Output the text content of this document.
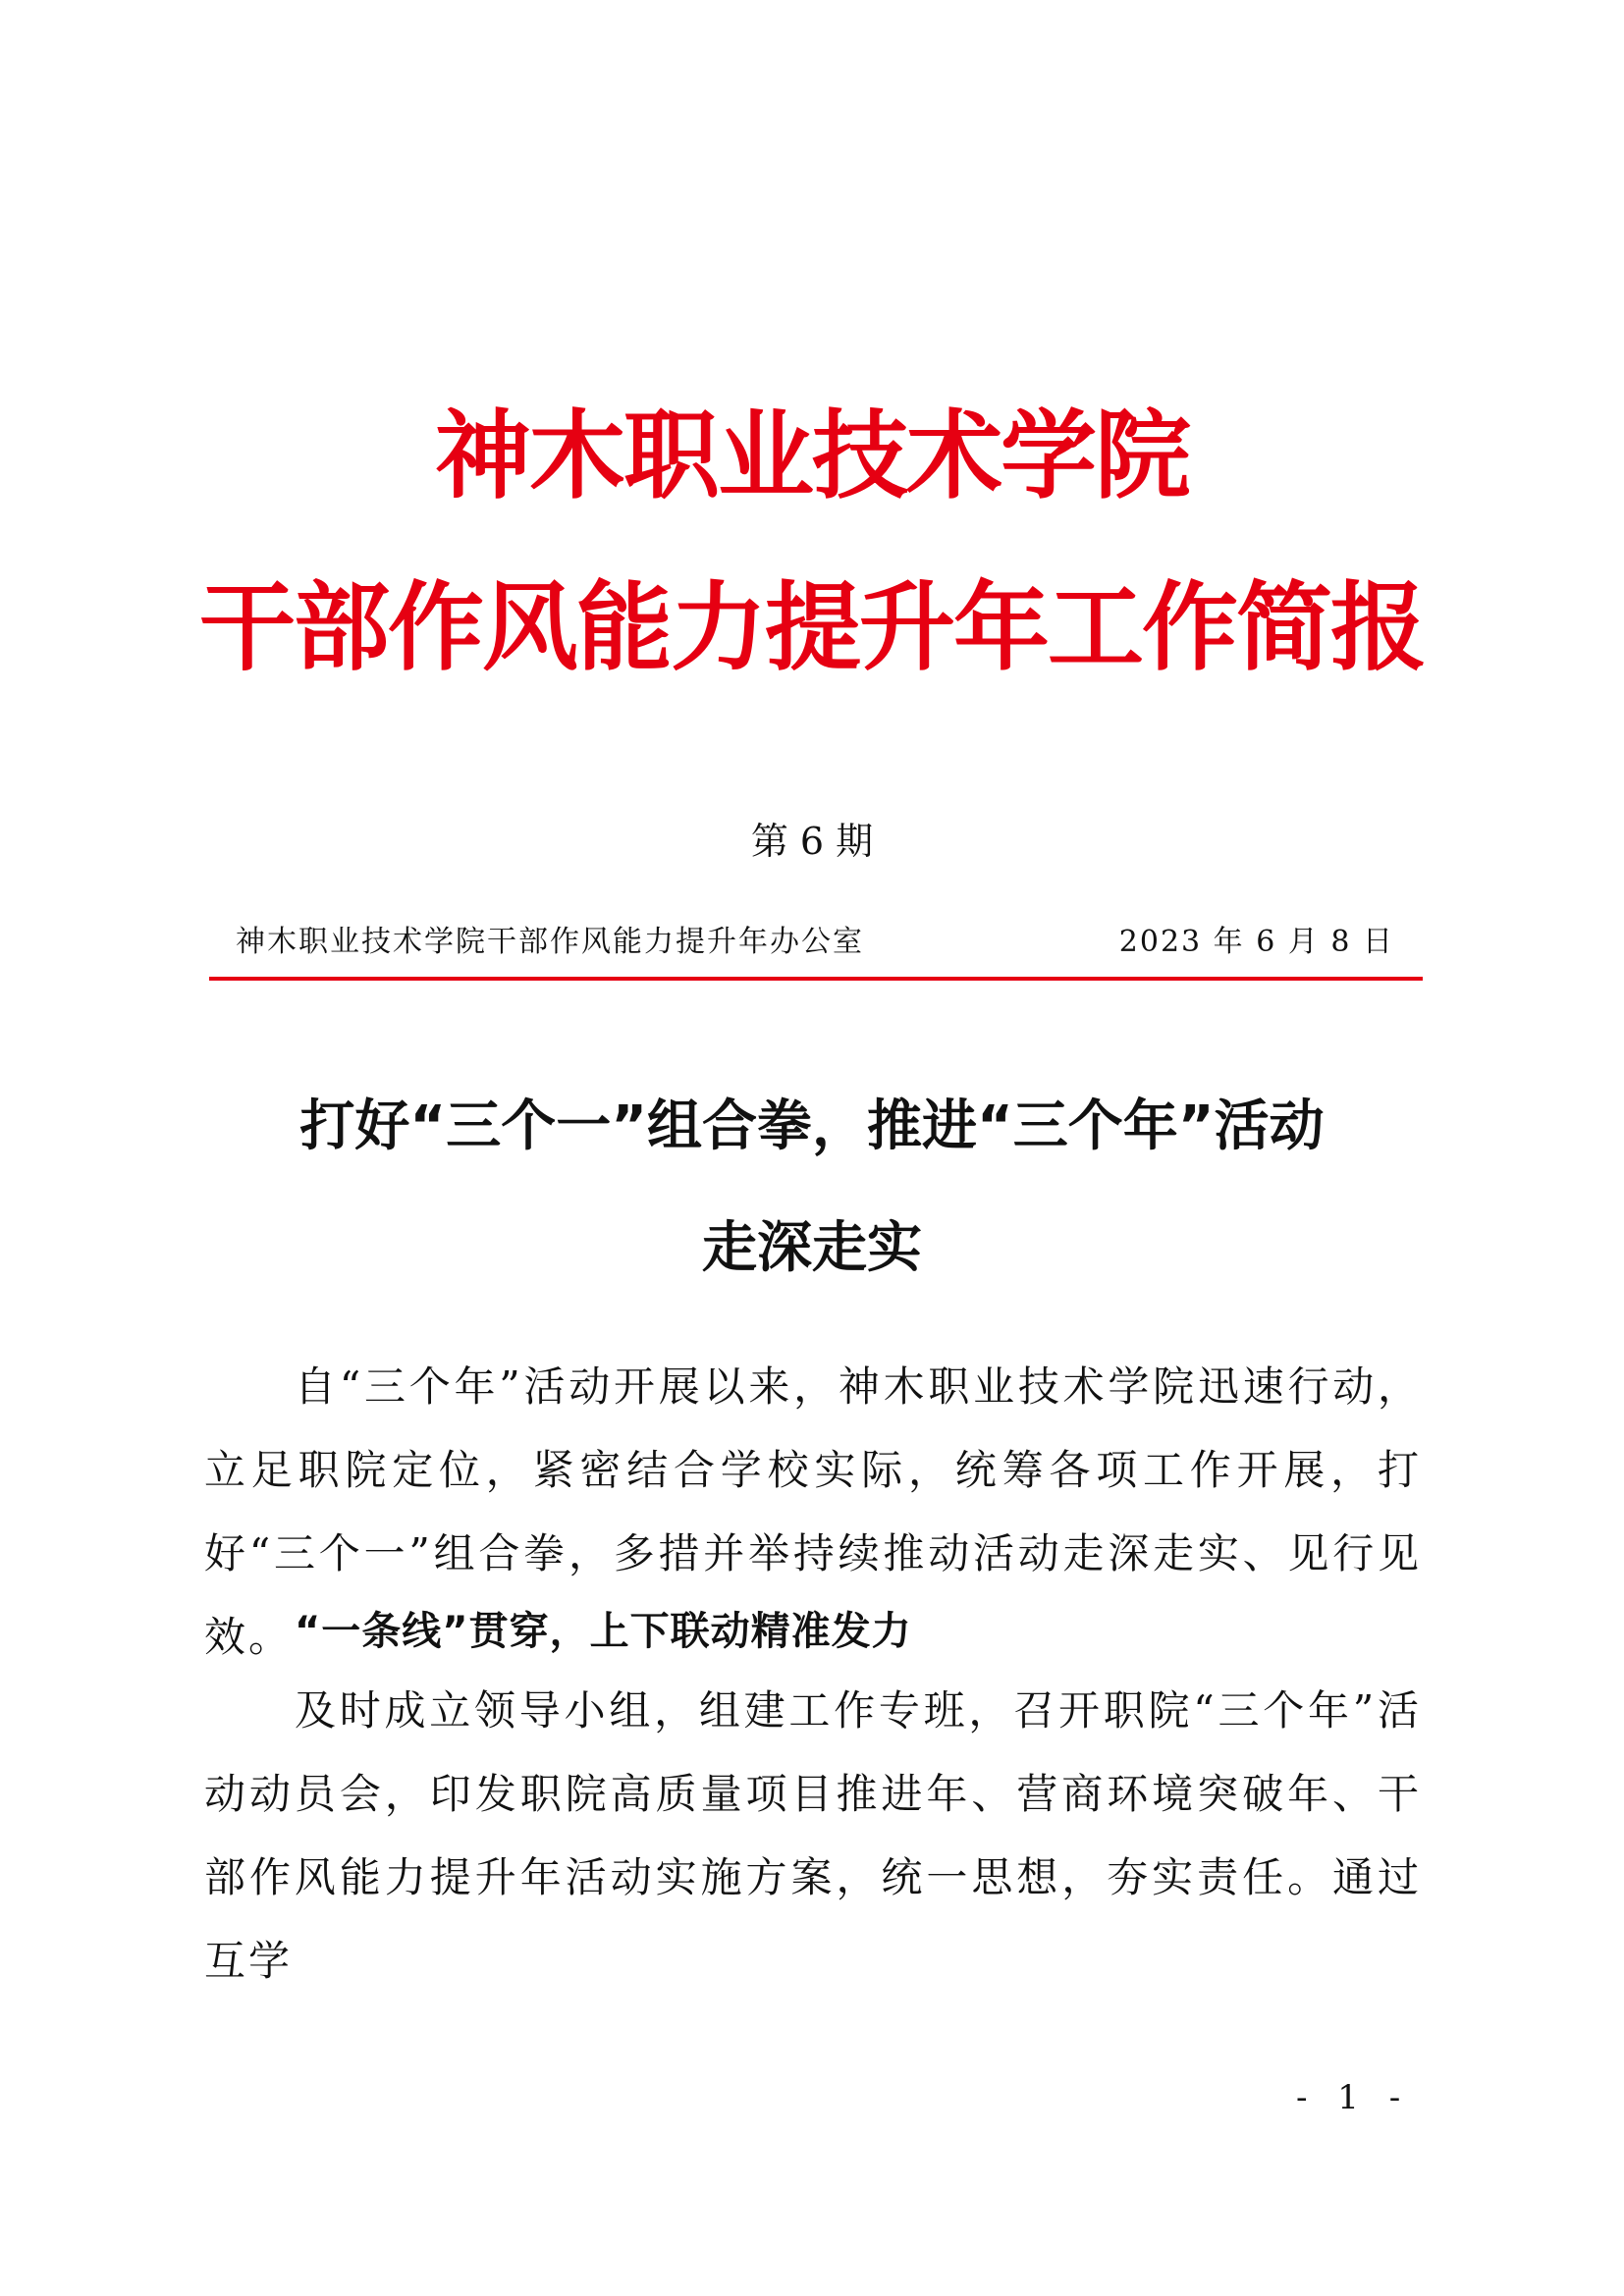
神木职业技术学院
干部作风能力提升年工作简报
第 6 期
神木职业技术学院干部作风能力提升年办公室	2023 年 6 月 8 日
打好“三个一”组合拳，推进“三个年”活动
走深走实

自“三个年”活动开展以来，神木职业技术学院迅速行动，立足职院定位，紧密结合学校实际，统筹各项工作开展，打好“三个一”组合拳，多措并举持续推动活动走深走实、见行见效。 “一条线”贯穿，上下联动精准发力

及时成立领导小组，组建工作专班，召开职院“三个年”活动动员会，印发职院高质量项目推进年、营商环境突破年、干部作风能力提升年活动实施方案，统一思想，夯实责任。通过互学

- 1 -
